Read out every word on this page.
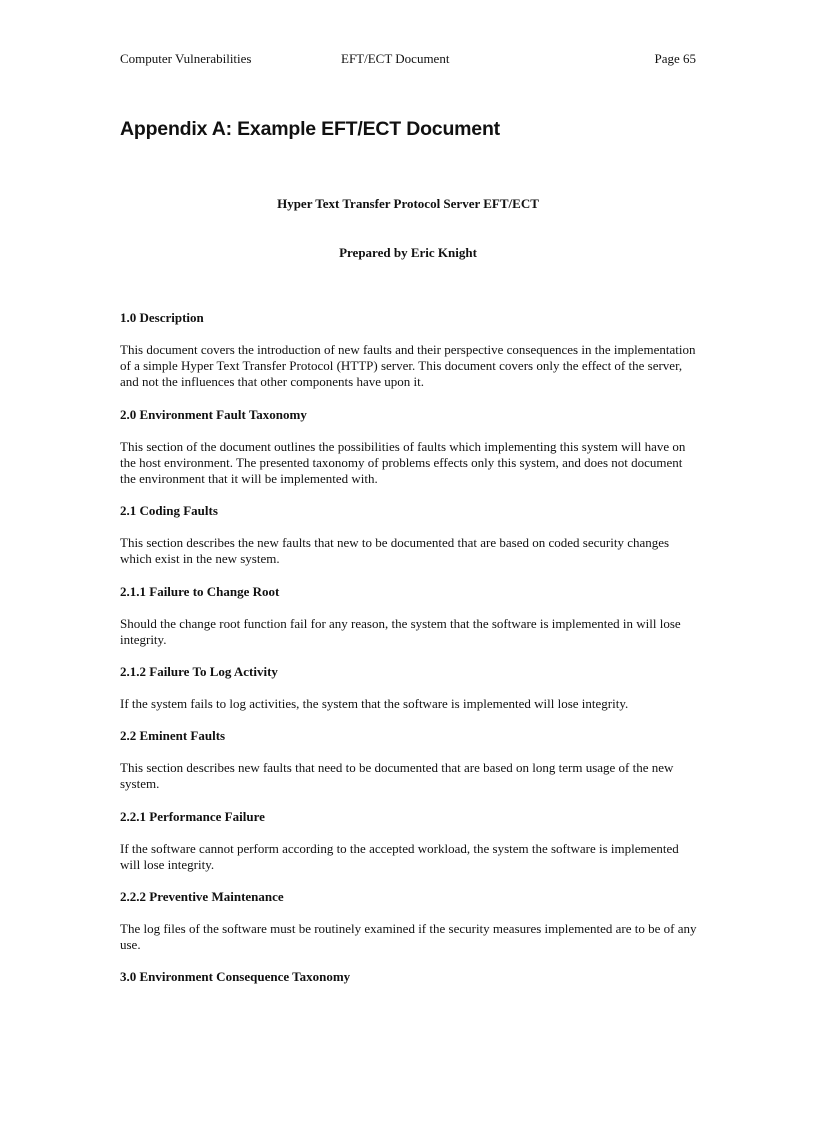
Computer Vulnerabilities	EFT/ECT Document	Page 65
Appendix A: Example EFT/ECT Document

Hyper Text Transfer Protocol Server EFT/ECT

Prepared by Eric Knight

1.0 Description

This document covers the introduction of new faults and their perspective consequences in the implementation of a simple Hyper Text Transfer Protocol (HTTP) server. This document covers only the effect of the server, and not the influences that other components have upon it.

2.0 Environment Fault Taxonomy

This section of the document outlines the possibilities of faults which implementing this system will have on the host environment. The presented taxonomy of problems effects only this system, and does not document the environment that it will be implemented with.

2.1 Coding Faults

This section describes the new faults that new to be documented that are based on coded security changes which exist in the new system.

2.1.1 Failure to Change Root

Should the change root function fail for any reason, the system that the software is implemented in will lose integrity.

2.1.2 Failure To Log Activity

If the system fails to log activities, the system that the software is implemented will lose integrity.

2.2 Eminent Faults

This section describes new faults that need to be documented that are based on long term usage of the new system.

2.2.1 Performance Failure

If the software cannot perform according to the accepted workload, the system the software is implemented will lose integrity.

2.2.2 Preventive Maintenance

The log files of the software must be routinely examined if the security measures implemented are to be of any use.

3.0 Environment Consequence Taxonomy
